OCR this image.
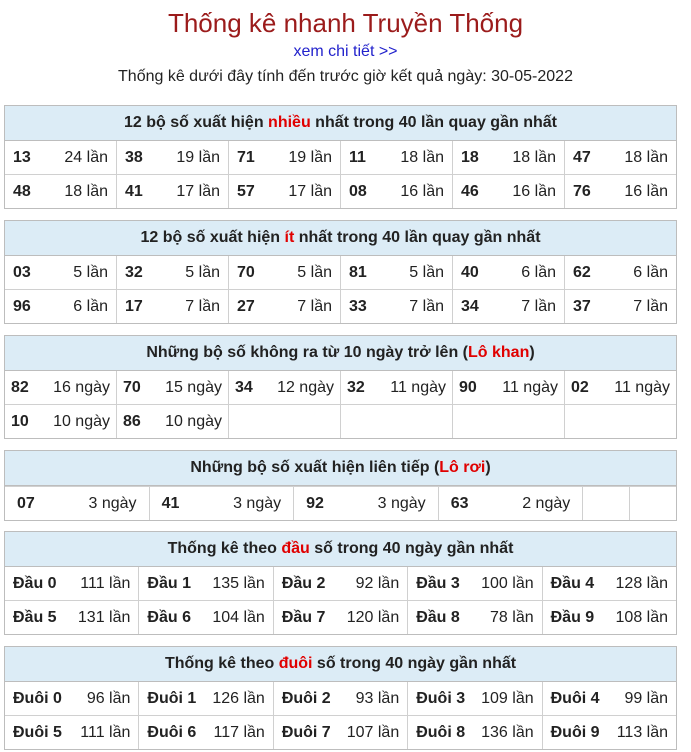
Thống kê nhanh Truyền Thống
xem chi tiết >>
Thống kê dưới đây tính đến trước giờ kết quả ngày: 30-05-2022
12 bộ số xuất hiện nhiều nhất trong 40 lần quay gần nhất
13 24 lần 38 19 lần 71 19 lần 11 18 lần 18 18 lần 47 18 lần
48 18 lần 41 17 lần 57 17 lần 08 16 lần 46 16 lần 76 16 lần
12 bộ số xuất hiện ít nhất trong 40 lần quay gần nhất
03	5 lần 32	5 lần 70	5 lần 81	5 lần 40	6 lần 62	6 lần
96	6 lần 17	7 lần 27	7 lần 33	7 lần 34	7 lần 37	7 lần
Những bộ số không ra từ 10 ngày trở lên (Lô khan)
82 16 ngày 70 15 ngày 34 12 ngày 32 11 ngày 90 11 ngày 02 11 ngày
10 10 ngày 86 10 ngày
Những bộ số xuất hiện liên tiếp (Lô rơi)
07	3 ngày 41	3 ngày 92	3 ngày 63	2 ngày
Thống kê theo đầu số trong 40 ngày gần nhất
Đầu 0 111 lần Đầu 1 135 lần Đầu 2 92 lần Đầu 3 100 lần Đầu 4 128 lần
Đầu 5 131 lần Đầu 6 104 lần Đầu 7 120 lần Đầu 8 78 lần Đầu 9 108 lần
Thống kê theo đuôi số trong 40 ngày gần nhất
Đuôi 0 96 lần Đuôi 1 126 lần Đuôi 2 93 lần Đuôi 3 109 lần Đuôi 4 99 lần
Đuôi 5 111 lần Đuôi 6 117 lần Đuôi 7 107 lần Đuôi 8 136 lần Đuôi 9 113 lần
